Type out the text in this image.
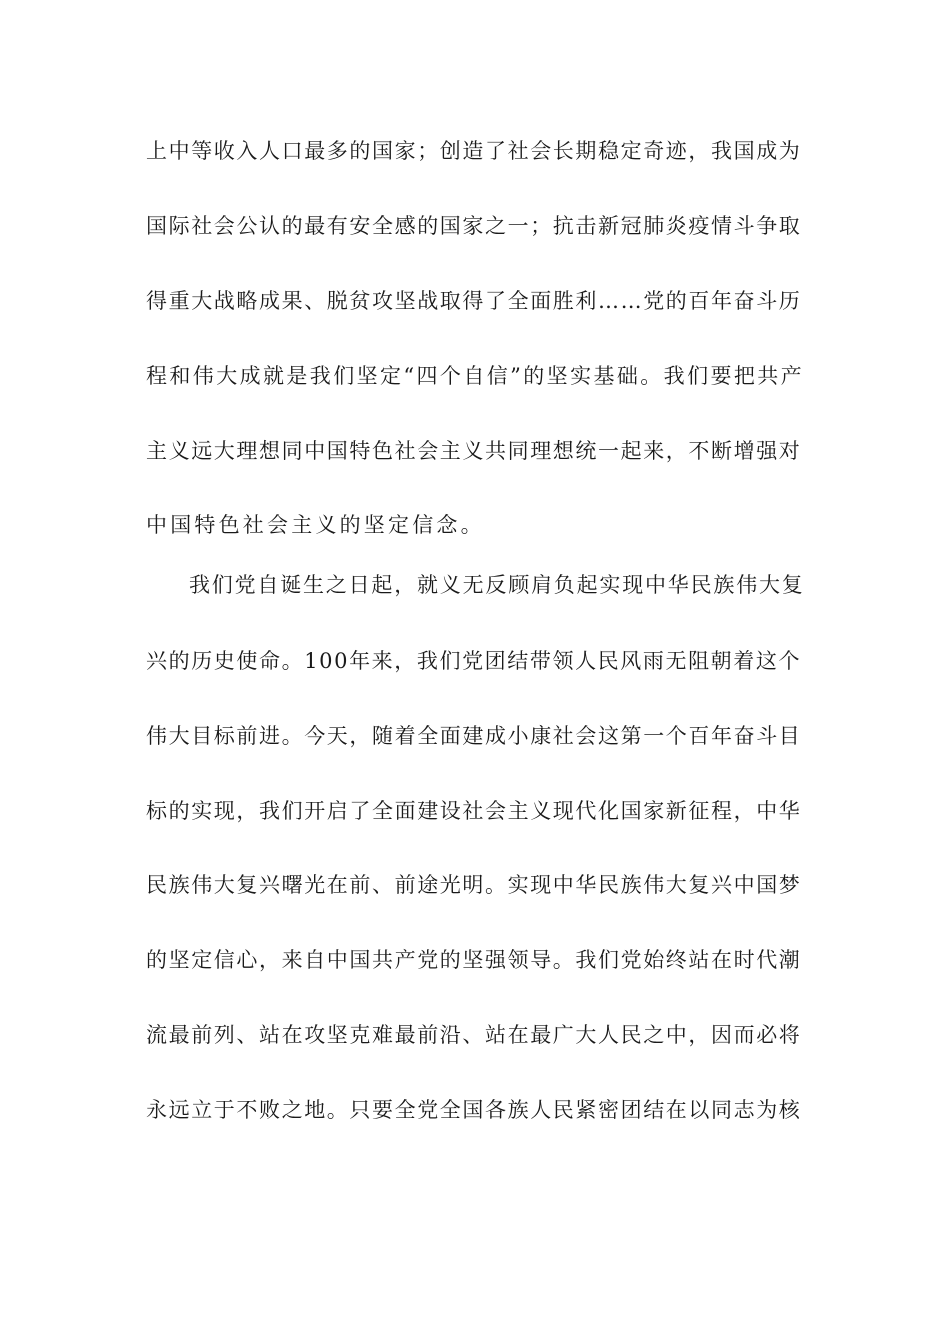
上中等收入人口最多的国家；创造了社会长期稳定奇迹，我国成为
国际社会公认的最有安全感的国家之一；抗击新冠肺炎疫情斗争取
得重大战略成果、脱贫攻坚战取得了全面胜利……党的百年奋斗历
程和伟大成就是我们坚定“四个自信”的坚实基础。我们要把共产
主义远大理想同中国特色社会主义共同理想统一起来，不断增强对
中国特色社会主义的坚定信念。
我们党自诞生之日起，就义无反顾肩负起实现中华民族伟大复
兴的历史使命。100年来，我们党团结带领人民风雨无阻朝着这个
伟大目标前进。今天，随着全面建成小康社会这第一个百年奋斗目
标的实现，我们开启了全面建设社会主义现代化国家新征程，中华
民族伟大复兴曙光在前、前途光明。实现中华民族伟大复兴中国梦
的坚定信心，来自中国共产党的坚强领导。我们党始终站在时代潮
流最前列、站在攻坚克难最前沿、站在最广大人民之中，因而必将
永远立于不败之地。只要全党全国各族人民紧密团结在以同志为核
